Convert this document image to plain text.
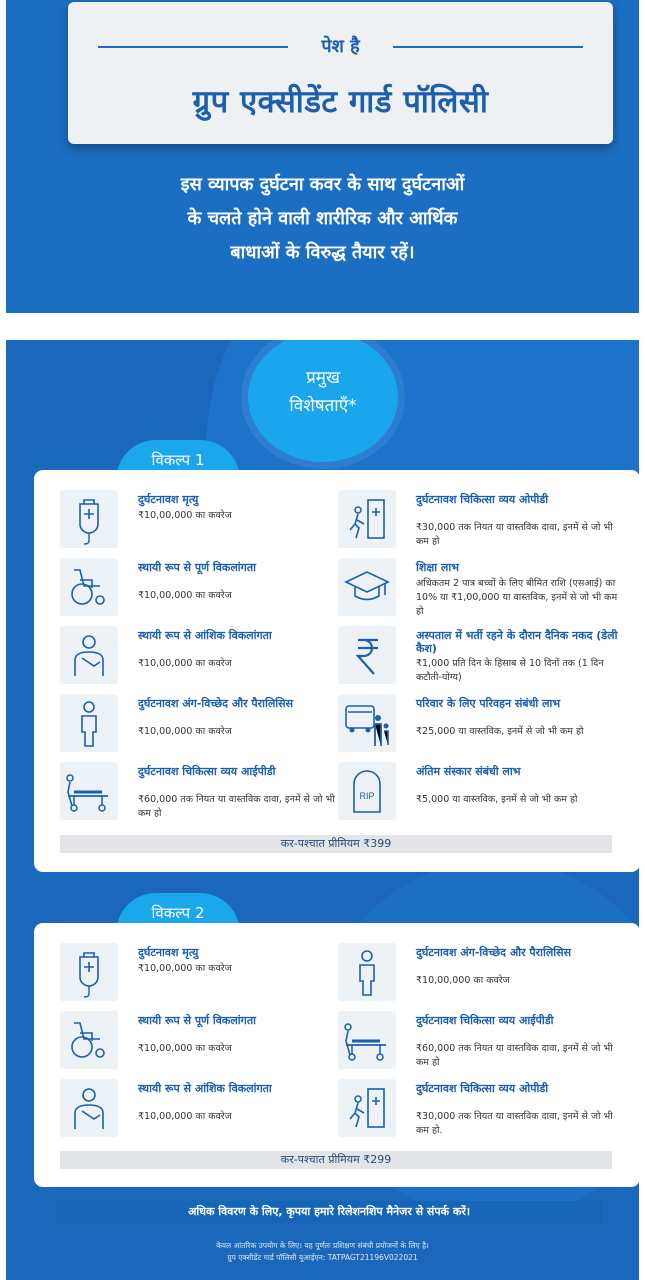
पेश है
ग्रुप एक्सीडेंट गार्ड पॉलिसी
इस व्यापक दुर्घटना कवर के साथ दुर्घटनाओं
के चलते होने वाली शारीरिक और आर्थिक
बाधाओं के विरुद्ध तैयार रहें।
प्रमुख
विशेषताएँ*
विकल्प 1
कर-पश्चात प्रीमियम ₹399
दुर्घटनावश मृत्यु
₹10,00,000 का कवरेज
दुर्घटनावश चिकित्सा व्यय ओपीडी
₹30,000 तक नियत या वास्तविक दावा, इनमें से जो भी कम हो
स्थायी रूप से पूर्ण विकलांगता
₹10,00,000 का कवरेज
शिक्षा लाभ
अधिकतम 2 पात्र बच्चों के लिए बीमित राशि (एसआई) का 10% या ₹1,00,000 या वास्तविक, इनमें से जो भी कम हो
स्थायी रूप से आंशिक विकलांगता
₹10,00,000 का कवरेज
अस्पताल में भर्ती रहने के दौरान दैनिक नकद (डेली कैश)
₹1,000 प्रति दिन के हिसाब से 10 दिनों तक (1 दिन कटौती-योग्य)
दुर्घटनावश अंग-विच्छेद और पैरालिसिस
₹10,00,000 का कवरेज
परिवार के लिए परिवहन संबंधी लाभ
₹25,000 या वास्तविक, इनमें से जो भी कम हो
दुर्घटनावश चिकित्सा व्यय आईपीडी
₹60,000 तक नियत या वास्तविक दावा, इनमें से जो भी कम हो
RIP
अंतिम संस्कार संबंधी लाभ
₹5,000 या वास्तविक, इनमें से जो भी कम हो
विकल्प 2
कर-पश्चात प्रीमियम ₹299
दुर्घटनावश मृत्यु
₹10,00,000 का कवरेज
दुर्घटनावश अंग-विच्छेद और पैरालिसिस
₹10,00,000 का कवरेज
स्थायी रूप से पूर्ण विकलांगता
₹10,00,000 का कवरेज
दुर्घटनावश चिकित्सा व्यय आईपीडी
₹60,000 तक नियत या वास्तविक दावा, इनमें से जो भी कम हो
स्थायी रूप से आंशिक विकलांगता
₹10,00,000 का कवरेज
दुर्घटनावश चिकित्सा व्यय ओपीडी
₹30,000 तक नियत या वास्तविक दावा, इनमें से जो भी कम हो.
अधिक विवरण के लिए, कृपया हमारे रिलेशनशिप मैनेजर से संपर्क करें।
केवल आंतरिक उपयोग के लिए। यह पूर्णतः प्रशिक्षण संबंधी प्रयोजनों के लिए है।
ग्रुप एक्सीडेंट गार्ड पॉलिसी यूआईएन: TATPAGT21196V022021
